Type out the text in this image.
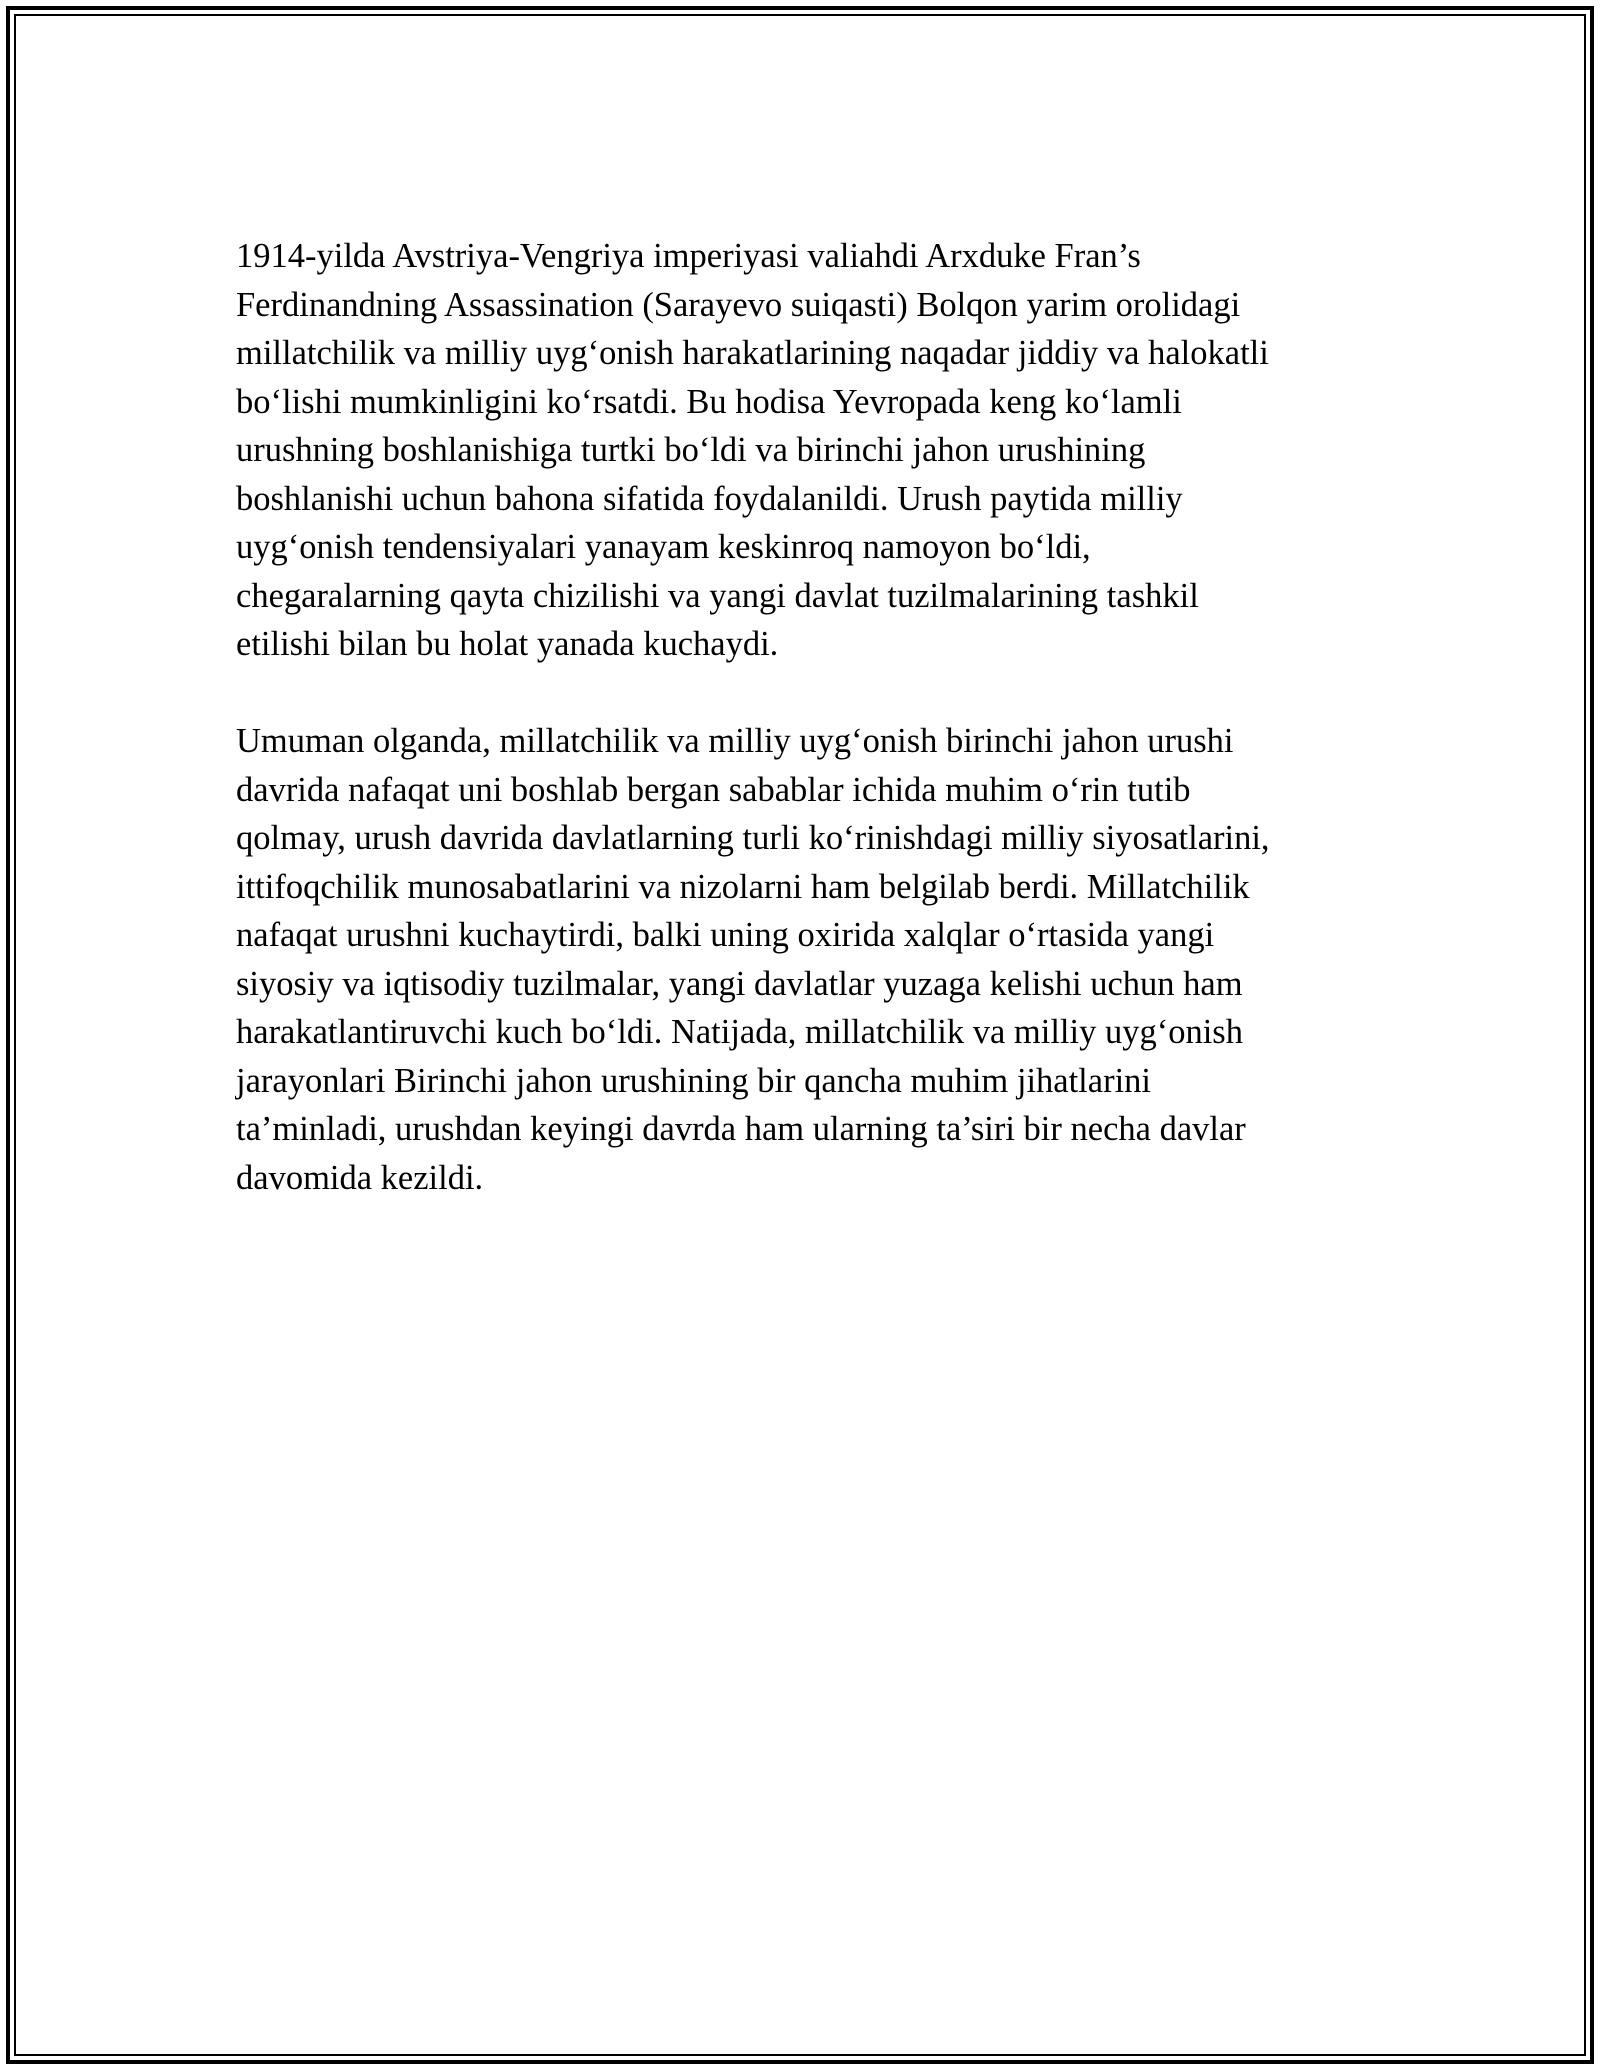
1914-yilda Avstriya-Vengriya imperiyasi valiahdi Arxduke Fran’s
Ferdinandning Assassination (Sarayevo suiqasti) Bolqon yarim orolidagi
millatchilik va milliy uyg‘onish harakatlarining naqadar jiddiy va halokatli
bo‘lishi mumkinligini ko‘rsatdi. Bu hodisa Yevropada keng ko‘lamli
urushning boshlanishiga turtki bo‘ldi va birinchi jahon urushining
boshlanishi uchun bahona sifatida foydalanildi. Urush paytida milliy
uyg‘onish tendensiyalari yanayam keskinroq namoyon bo‘ldi,
chegaralarning qayta chizilishi va yangi davlat tuzilmalarining tashkil
etilishi bilan bu holat yanada kuchaydi.

Umuman olganda, millatchilik va milliy uyg‘onish birinchi jahon urushi
davrida nafaqat uni boshlab bergan sabablar ichida muhim o‘rin tutib
qolmay, urush davrida davlatlarning turli ko‘rinishdagi milliy siyosatlarini,
ittifoqchilik munosabatlarini va nizolarni ham belgilab berdi. Millatchilik
nafaqat urushni kuchaytirdi, balki uning oxirida xalqlar o‘rtasida yangi
siyosiy va iqtisodiy tuzilmalar, yangi davlatlar yuzaga kelishi uchun ham
harakatlantiruvchi kuch bo‘ldi. Natijada, millatchilik va milliy uyg‘onish
jarayonlari Birinchi jahon urushining bir qancha muhim jihatlarini
ta’minladi, urushdan keyingi davrda ham ularning ta’siri bir necha davlar
davomida kezildi.
